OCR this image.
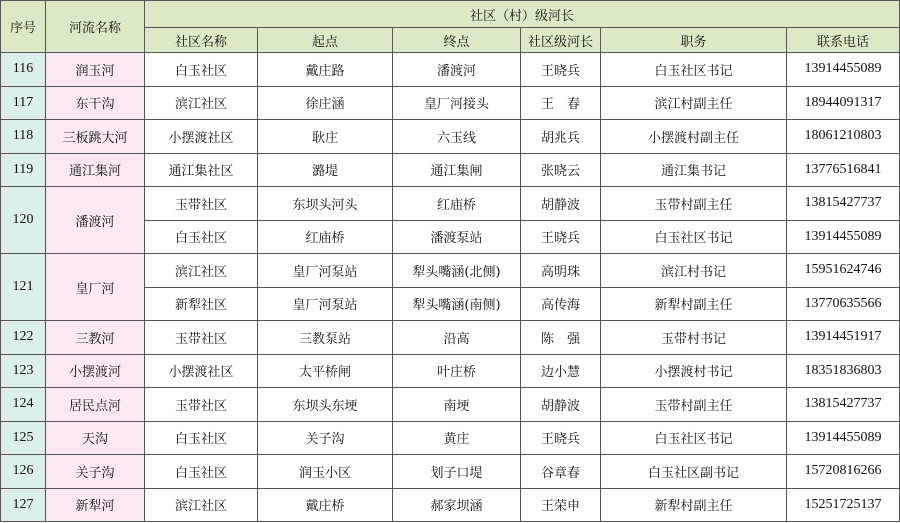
序号	河流名称	社区（村）级河长					
		社区名称	起点	终点	社区级河长	职务	联系电话
116	润玉河	白玉社区	戴庄路	潘渡河	王晓兵	白玉社区书记	13914455089
117	东干沟	滨江社区	徐庄涵	皇厂河接头	王　春	滨江村副主任	18944091317
118	三板跳大河	小摆渡社区	耿庄	六玉线	胡兆兵	小摆渡村副主任	18061210803
119	通江集河	通江集社区	潞堤	通江集闸	张晓云	通江集书记	13776516841
120	潘渡河	玉带社区	东坝头河头	红庙桥	胡静波	玉带村副主任	13815427737
		白玉社区	红庙桥	潘渡泵站	王晓兵	白玉社区书记	13914455089
121	皇厂河	滨江社区	皇厂河泵站	犁头嘴涵(北侧)	高明珠	滨江村书记	15951624746
		新犁社区	皇厂河泵站	犁头嘴涵(南侧)	高传海	新犁村副主任	13770635566
122	三教河	玉带社区	三教泵站	沿高	陈　强	玉带村书记	13914451917
123	小摆渡河	小摆渡社区	太平桥闸	叶庄桥	边小慧	小摆渡村书记	18351836803
124	居民点河	玉带社区	东坝头东埂	南埂	胡静波	玉带村副主任	13815427737
125	天沟	白玉社区	关子沟	黄庄	王晓兵	白玉社区书记	13914455089
126	关子沟	白玉社区	润玉小区	划子口堤	谷章春	白玉社区副书记	15720816266
127	新犁河	滨江社区	戴庄桥	郝家坝涵	王荣申	新犁村副主任	15251725137
